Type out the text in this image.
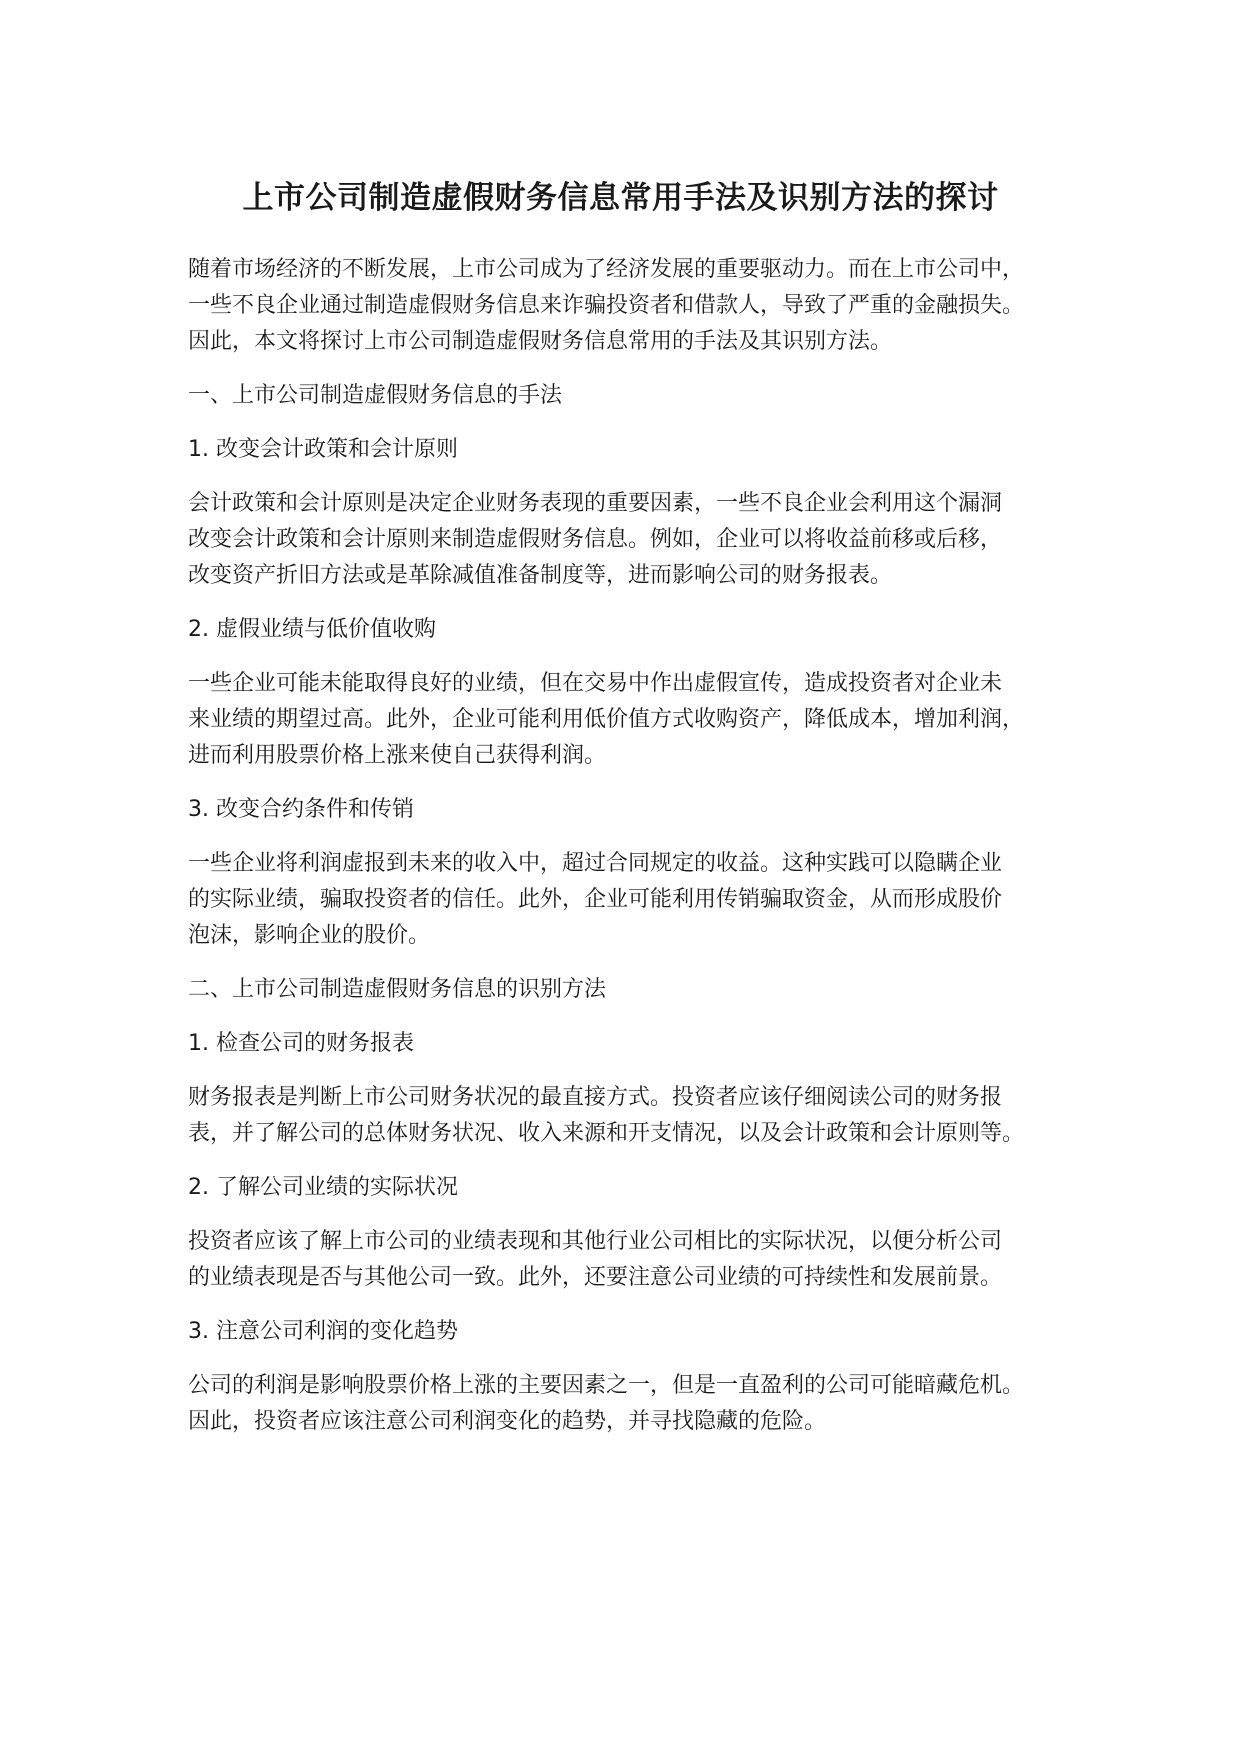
上市公司制造虚假财务信息常用手法及识别方法的探讨
随着市场经济的不断发展，上市公司成为了经济发展的重要驱动力。而在上市公司中，
一些不良企业通过制造虚假财务信息来诈骗投资者和借款人，导致了严重的金融损失。
因此，本文将探讨上市公司制造虚假财务信息常用的手法及其识别方法。
一、上市公司制造虚假财务信息的手法
1. 改变会计政策和会计原则
会计政策和会计原则是决定企业财务表现的重要因素，一些不良企业会利用这个漏洞
改变会计政策和会计原则来制造虚假财务信息。例如，企业可以将收益前移或后移，
改变资产折旧方法或是革除减值准备制度等，进而影响公司的财务报表。
2. 虚假业绩与低价值收购
一些企业可能未能取得良好的业绩，但在交易中作出虚假宣传，造成投资者对企业未
来业绩的期望过高。此外，企业可能利用低价值方式收购资产，降低成本，增加利润，
进而利用股票价格上涨来使自己获得利润。
3. 改变合约条件和传销
一些企业将利润虚报到未来的收入中，超过合同规定的收益。这种实践可以隐瞒企业
的实际业绩，骗取投资者的信任。此外，企业可能利用传销骗取资金，从而形成股价
泡沫，影响企业的股价。
二、上市公司制造虚假财务信息的识别方法
1. 检查公司的财务报表
财务报表是判断上市公司财务状况的最直接方式。投资者应该仔细阅读公司的财务报
表，并了解公司的总体财务状况、收入来源和开支情况，以及会计政策和会计原则等。
2. 了解公司业绩的实际状况
投资者应该了解上市公司的业绩表现和其他行业公司相比的实际状况，以便分析公司
的业绩表现是否与其他公司一致。此外，还要注意公司业绩的可持续性和发展前景。
3. 注意公司利润的变化趋势
公司的利润是影响股票价格上涨的主要因素之一，但是一直盈利的公司可能暗藏危机。
因此，投资者应该注意公司利润变化的趋势，并寻找隐藏的危险。
